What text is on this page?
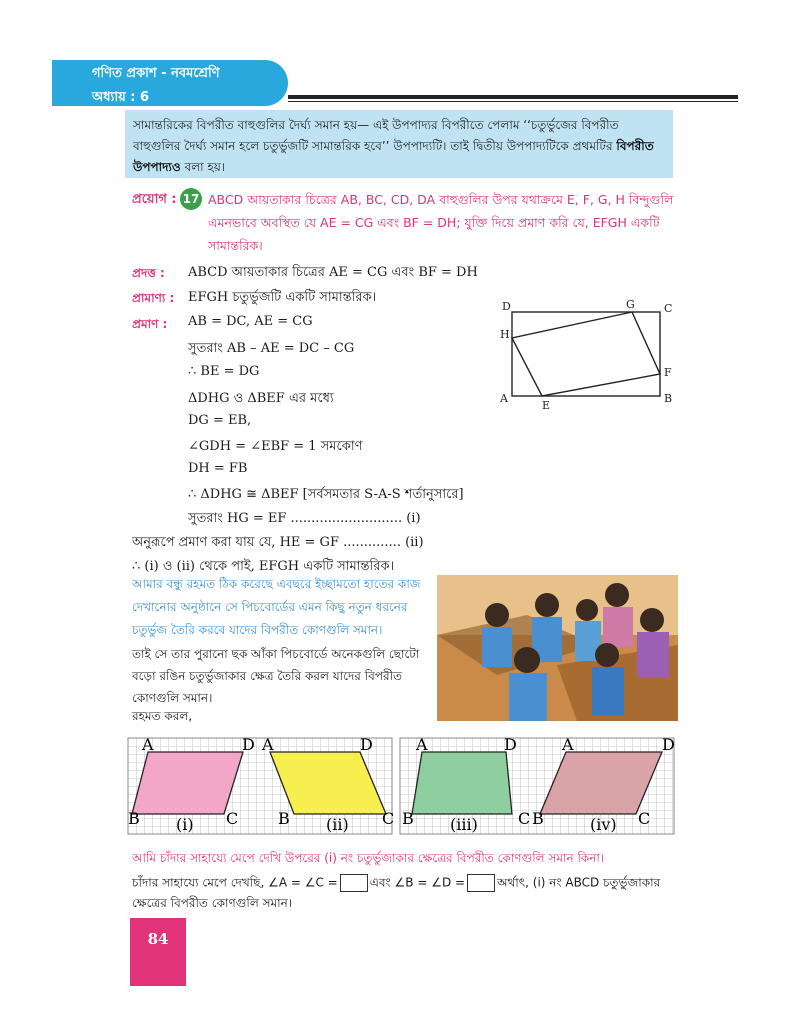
গণিত প্রকাশ - নবমশ্রেণি
অধ্যায় : 6
সামান্তরিকের বিপরীত বাহুগুলির দৈর্ঘ্য সমান হয়— এই উপপাদ্যর বিপরীতে পেলাম ‘‘চতুর্ভুজের বিপরীত বাহুগুলির দৈর্ঘ্য সমান হলে চতুর্ভুজটি সামান্তরিক হবে’’ উপপাদ্যটি। তাই দ্বিতীয় উপপাদ্যটিকে প্রথমটির বিপরীত উপপাদ্যও বলা হয়।
প্রয়োগ : 17 ABCD আয়তাকার চিত্রের AB, BC, CD, DA বাহুগুলির উপর যথাক্রমে E, F, G, H বিন্দুগুলি এমনভাবে অবস্থিত যে AE = CG এবং BF = DH; যুক্তি দিয়ে প্রমাণ করি যে, EFGH একটি সামান্তরিক।
প্রদত্ত : ABCD আয়তাকার চিত্রের AE = CG এবং BF = DH
প্রামাণ্য : EFGH চতুর্ভুজটি একটি সামান্তরিক।
প্রমাণ : AB = DC, AE = CG
সুতরাং AB – AE = DC – CG
∴ BE = DG
ΔDHG ও ΔBEF এর মধ্যে
DG = EB,
∠GDH = ∠EBF = 1 সমকোণ
DH = FB
∴ ΔDHG ≅ ΔBEF [সর্বসমতার S-A-S শর্তানুসারে]
সুতরাং HG = EF ........................... (i)
অনুরূপে প্রমাণ করা যায় যে, HE = GF .............. (ii)
∴ (i) ও (ii) থেকে পাই, EFGH একটি সামান্তরিক।
D	G	C
H
F
A
E
B
আমার বন্ধু রহমত ঠিক করেছে এবছরে ইচ্ছামতো হাতের কাজ দেখানোর অনুষ্ঠানে সে পিচবোর্ডের এমন কিছু নতুন ধরনের চতুর্ভুজ তৈরি করবে যাদের বিপরীত কোণগুলি সমান।
তাই সে তার পুরানো ছক আঁকা পিচবোর্ডে অনেকগুলি ছোটো বড়ো রঙিন চতুর্ভুজাকার ক্ষেত্র তৈরি করল যাদের বিপরীত কোণগুলি সমান।
রহমত করল,
A	D
B	C
(i)
A	D
B	C
(ii)
A	D
B	C
(iii)
A	D
B	C
(iv)
আমি চাঁদার সাহায্যে মেপে দেখি উপরের (i) নং চতুর্ভুজাকার ক্ষেত্রের বিপরীত কোণগুলি সমান কিনা।
চাঁদার সাহায্যে মেপে দেখছি, ∠A = ∠C =	এবং ∠B = ∠D =	অর্থাৎ, (i) নং ABCD চতুর্ভুজাকার
ক্ষেত্রের বিপরীত কোণগুলি সমান।
84
